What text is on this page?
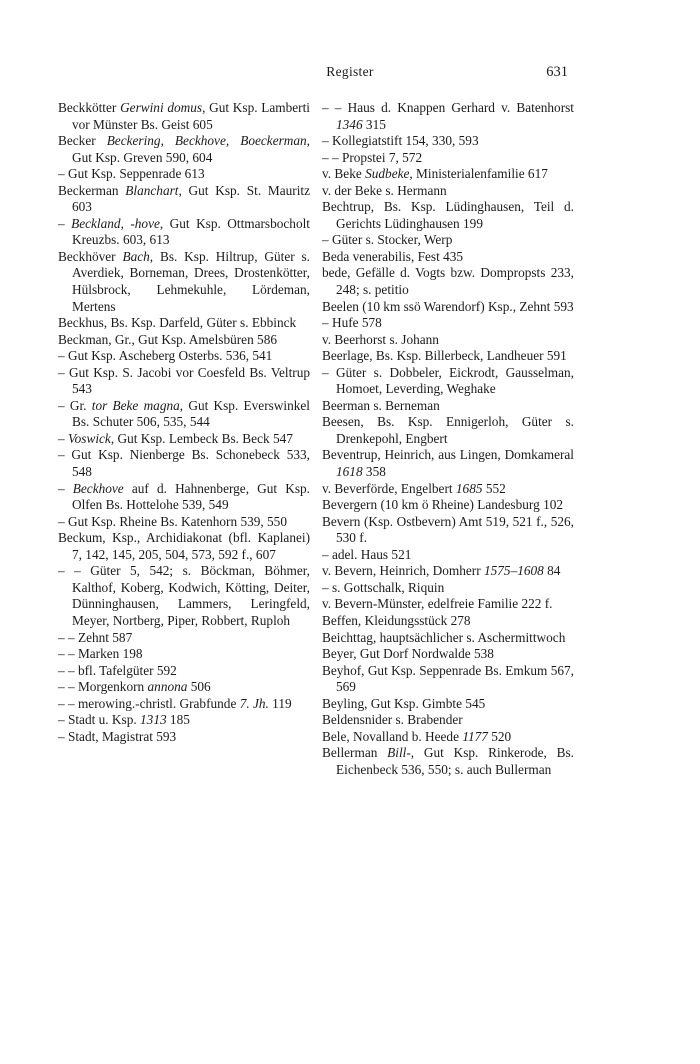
Register	631

Beckkötter Gerwini domus, Gut Ksp. Lamberti vor Münster Bs. Geist 605

Becker Beckering, Beckhove, Boeckerman, Gut Ksp. Greven 590, 604

– Gut Ksp. Seppenrade 613

Beckerman Blanchart, Gut Ksp. St. Mauritz 603

– Beckland, -hove, Gut Ksp. Ottmarsbocholt Kreuzbs. 603, 613

Beckhöver Bach, Bs. Ksp. Hiltrup, Güter s. Averdiek, Borneman, Drees, Drostenkötter, Hülsbrock, Lehmekuhle, Lördeman, Mertens

Beckhus, Bs. Ksp. Darfeld, Güter s. Ebbinck

Beckman, Gr., Gut Ksp. Amelsbüren 586

– Gut Ksp. Ascheberg Osterbs. 536, 541

– Gut Ksp. S. Jacobi vor Coesfeld Bs. Veltrup 543

– Gr. tor Beke magna, Gut Ksp. Everswinkel Bs. Schuter 506, 535, 544

– Voswick, Gut Ksp. Lembeck Bs. Beck 547

– Gut Ksp. Nienberge Bs. Schonebeck 533, 548

– Beckhove auf d. Hahnenberge, Gut Ksp. Olfen Bs. Hottelohe 539, 549

– Gut Ksp. Rheine Bs. Katenhorn 539, 550

Beckum, Ksp., Archidiakonat (bfl. Kaplanei) 7, 142, 145, 205, 504, 573, 592 f., 607

– – Güter 5, 542; s. Böckman, Böhmer, Kalthof, Koberg, Kodwich, Kötting, Deiter, Dünninghausen, Lammers, Leringfeld, Meyer, Nortberg, Piper, Robbert, Ruploh

– – Zehnt 587

– – Marken 198

– – bfl. Tafelgüter 592

– – Morgenkorn annona 506

– – merowing.-christl. Grabfunde 7. Jh. 119

– Stadt u. Ksp. 1313 185

– Stadt, Magistrat 593

– – Haus d. Knappen Gerhard v. Batenhorst 1346 315

– Kollegiatstift 154, 330, 593

– – Propstei 7, 572

v. Beke Sudbeke, Ministerialenfamilie 617

v. der Beke s. Hermann

Bechtrup, Bs. Ksp. Lüdinghausen, Teil d. Gerichts Lüdinghausen 199

– Güter s. Stocker, Werp

Beda venerabilis, Fest 435

bede, Gefälle d. Vogts bzw. Dompropsts 233, 248; s. petitio

Beelen (10 km ssö Warendorf) Ksp., Zehnt 593

– Hufe 578

v. Beerhorst s. Johann

Beerlage, Bs. Ksp. Billerbeck, Landheuer 591

– Güter s. Dobbeler, Eickrodt, Gausselman, Homoet, Leverding, Weghake

Beerman s. Berneman

Beesen, Bs. Ksp. Ennigerloh, Güter s. Drenkepohl, Engbert

Beventrup, Heinrich, aus Lingen, Domkameral 1618 358

v. Beverförde, Engelbert 1685 552

Bevergern (10 km ö Rheine) Landesburg 102

Bevern (Ksp. Ostbevern) Amt 519, 521 f., 526, 530 f.

– adel. Haus 521

v. Bevern, Heinrich, Domherr 1575–1608 84

– s. Gottschalk, Riquin

v. Bevern-Münster, edelfreie Familie 222 f.

Beffen, Kleidungsstück 278

Beichttag, hauptsächlicher s. Aschermittwoch

Beyer, Gut Dorf Nordwalde 538

Beyhof, Gut Ksp. Seppenrade Bs. Emkum 567, 569

Beyling, Gut Ksp. Gimbte 545

Beldensnider s. Brabender

Bele, Novalland b. Heede 1177 520

Bellerman Bill-, Gut Ksp. Rinkerode, Bs. Eichenbeck 536, 550; s. auch Bullerman
